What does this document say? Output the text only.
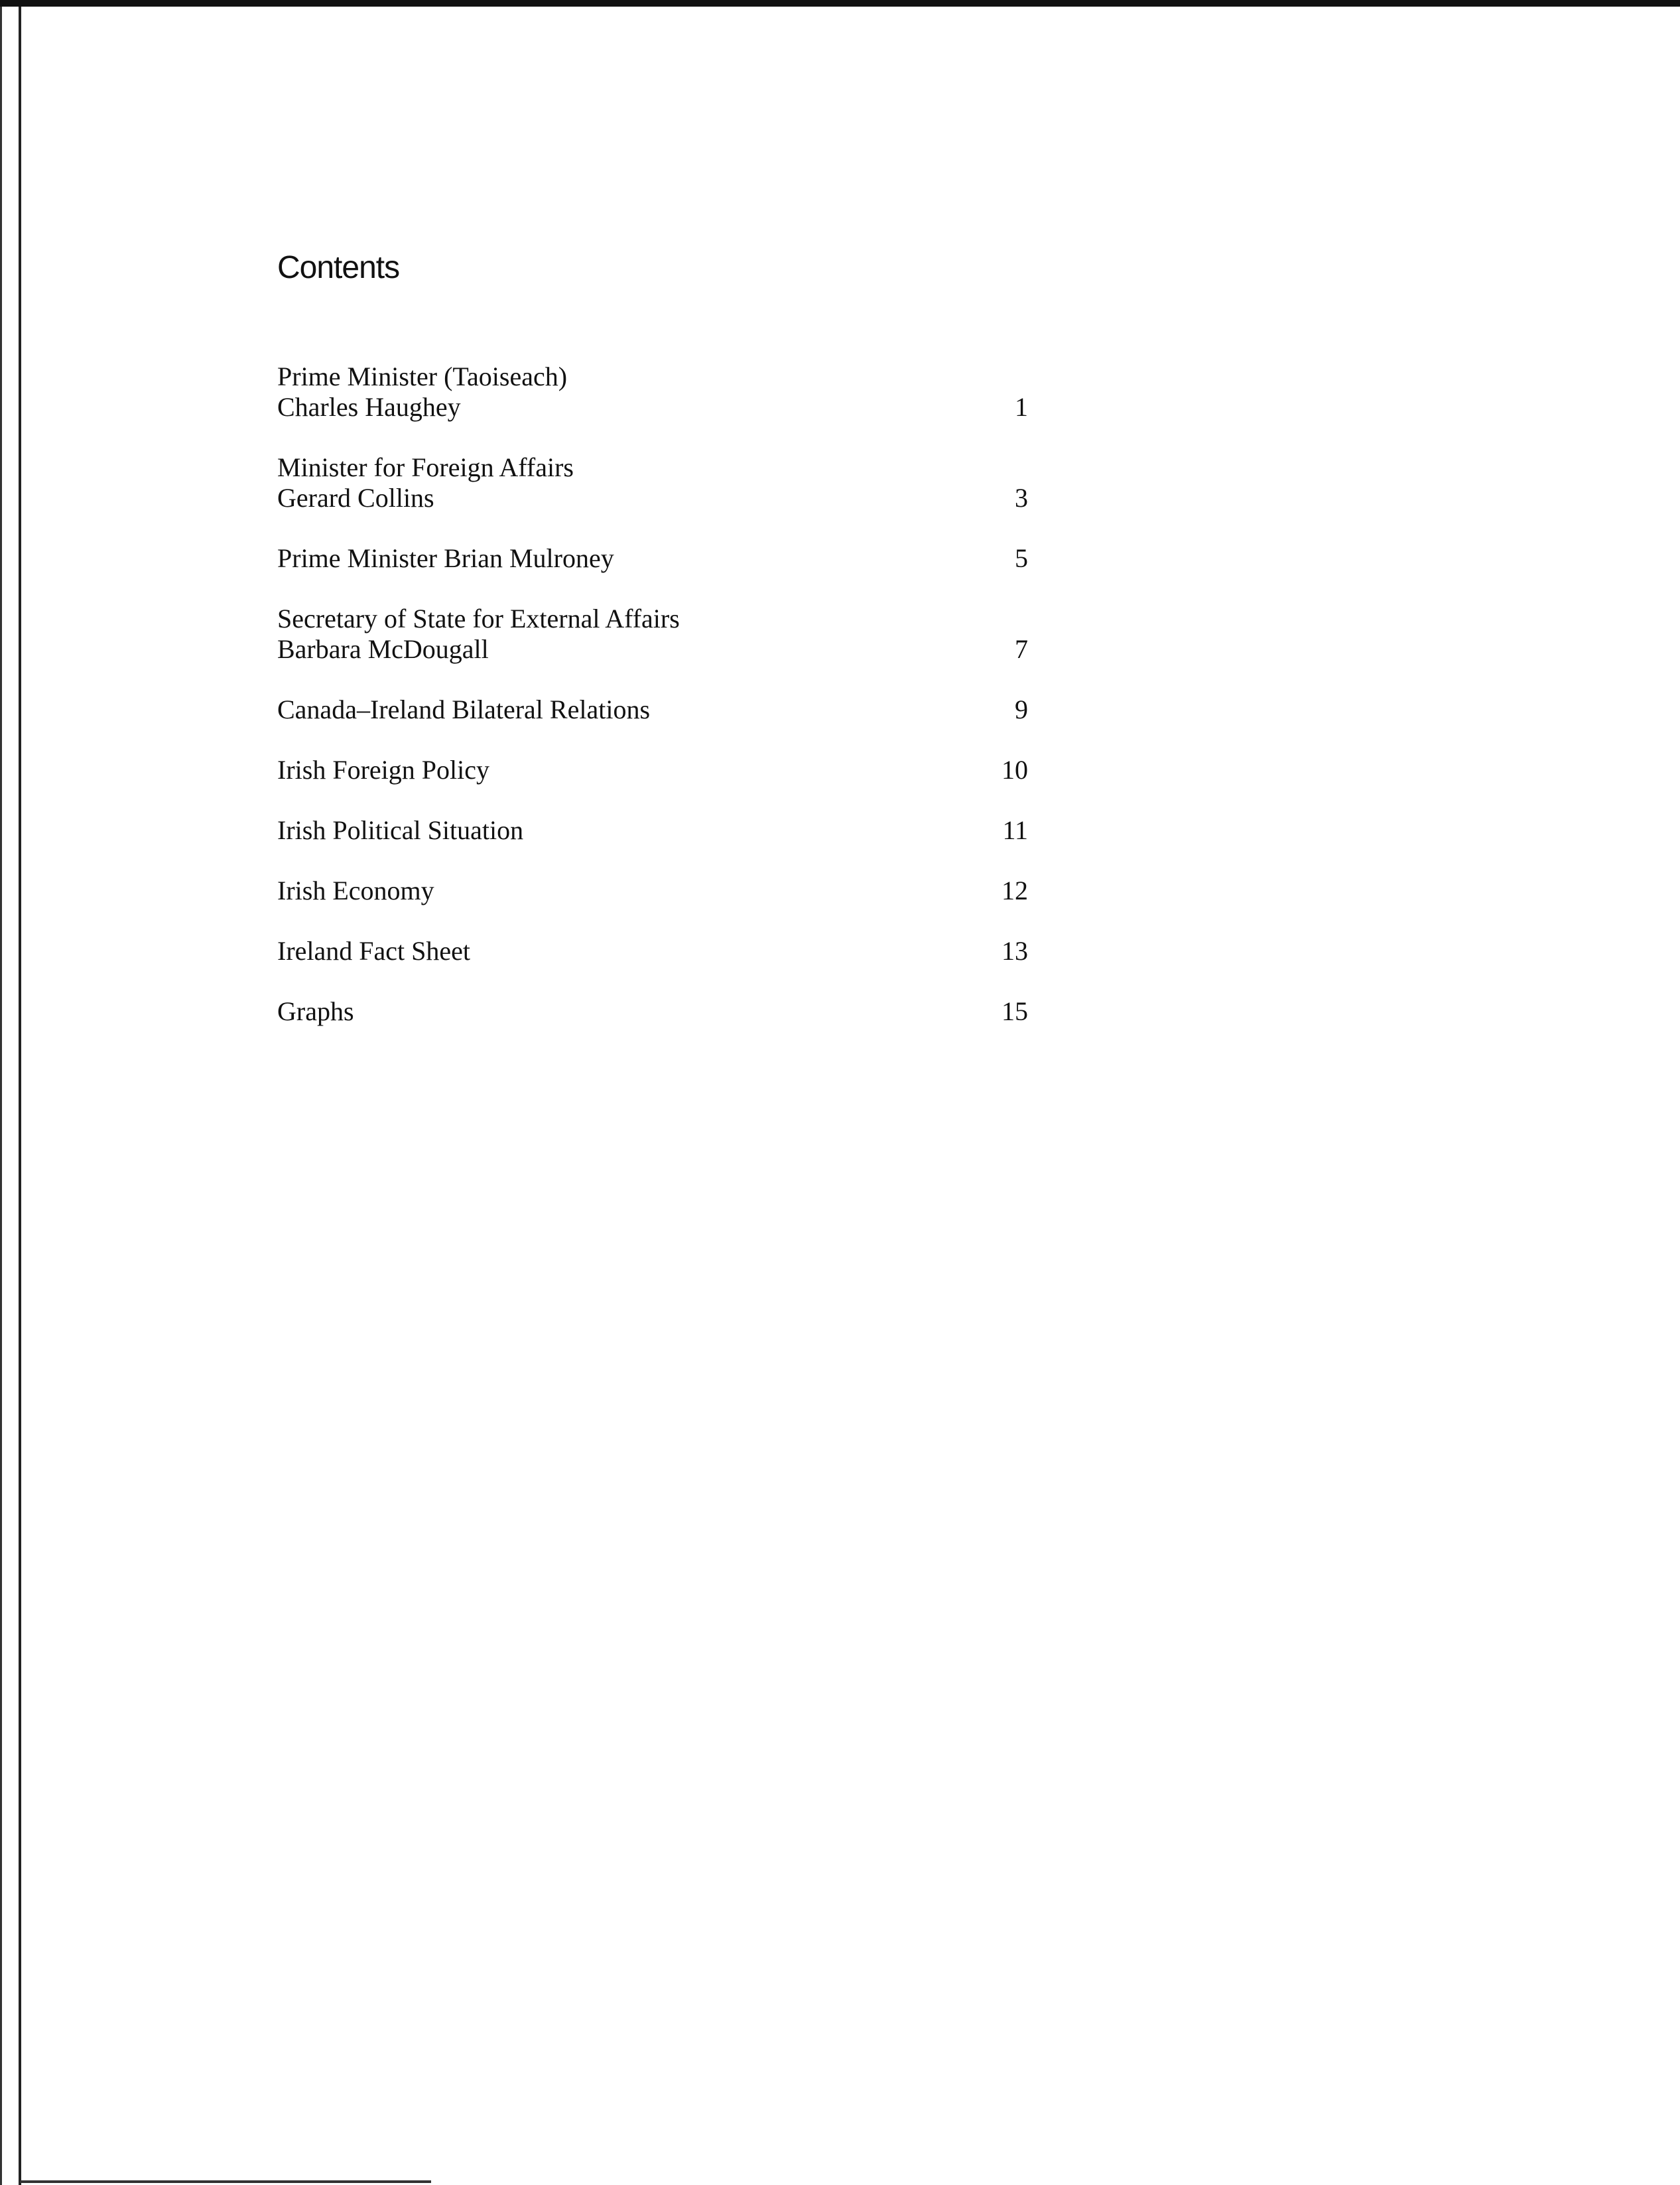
Contents
Prime Minister (Taoiseach)
Charles Haughey	1
Minister for Foreign Affairs
Gerard Collins	3
Prime Minister Brian Mulroney	5
Secretary of State for External Affairs
Barbara McDougall	7
Canada–Ireland Bilateral Relations	9
Irish Foreign Policy	10
Irish Political Situation	11
Irish Economy	12
Ireland Fact Sheet	13
Graphs	15
